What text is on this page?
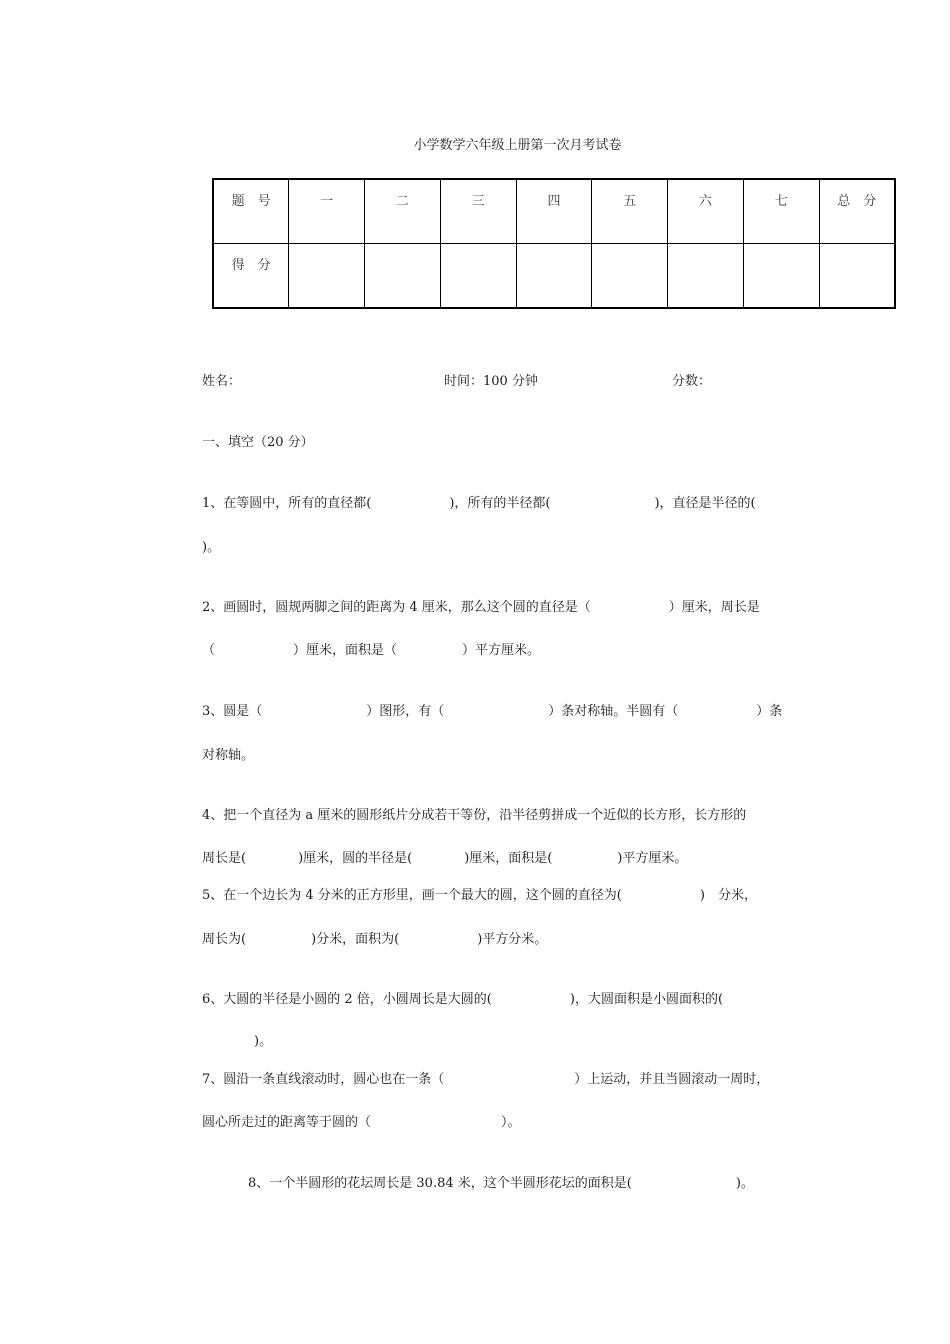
小学数学六年级上册第一次月考试卷
题　号	一	二	三	四	五	六	七	总　分
得　分								
姓名：	时间：100 分钟	分数：
一、填空（20 分）
1、在等圆中，所有的直径都(　　　　　　)，所有的半径都(　　　　　　　　)，直径是半径的(
)。
2、画圆时，圆规两脚之间的距离为 4 厘米，那么这个圆的直径是（　　　　　　）厘米，周长是
（　　　　　　）厘米，面积是（　　　　　）平方厘米。
3、圆是（　　　　　　　　）图形，有（　　　　　　　　）条对称轴。半圆有（　　　　　　）条
对称轴。
4、把一个直径为 a 厘米的圆形纸片分成若干等份，沿半径剪拼成一个近似的长方形，长方形的
周长是(　　　　)厘米，圆的半径是(　　　　)厘米，面积是(　　　　　)平方厘米。
5、在一个边长为 4 分米的正方形里，画一个最大的圆，这个圆的直径为(　　　　　　)　分米，
周长为(　　　　　)分米，面积为(　　　　　　)平方分米。
6、大圆的半径是小圆的 2 倍，小圆周长是大圆的(　　　　　　)，大圆面积是小圆面积的(
　　　　)。
7、圆沿一条直线滚动时，圆心也在一条（　　　　　　　　　　）上运动，并且当圆滚动一周时，
圆心所走过的距离等于圆的（　　　　　　　　　　）。
8、一个半圆形的花坛周长是 30.84 米，这个半圆形花坛的面积是(　　　　　　　　)。
